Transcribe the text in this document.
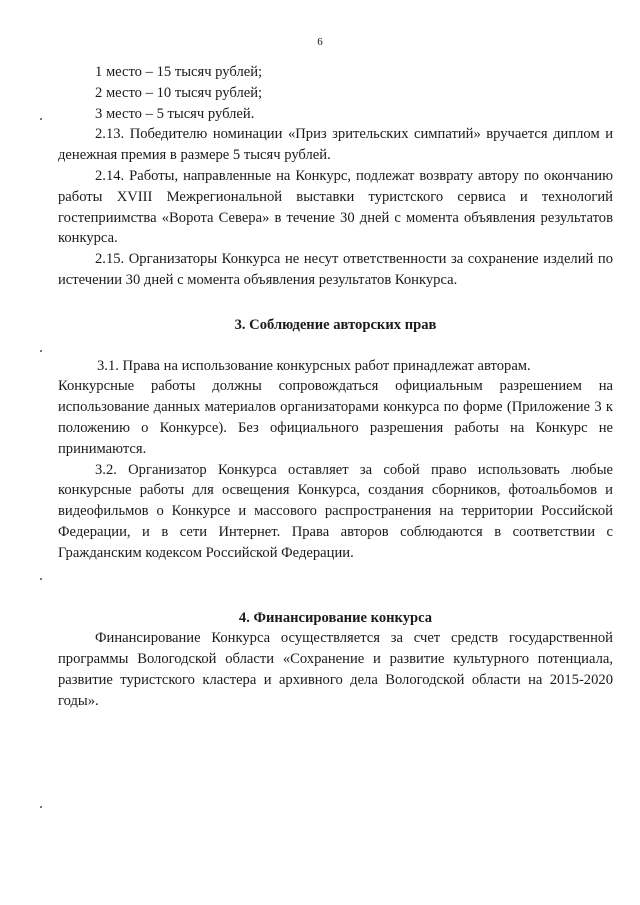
6

1 место – 15 тысяч рублей;

2 место – 10 тысяч рублей;

3 место – 5 тысяч рублей.

2.13. Победителю номинации «Приз зрительских симпатий» вручается диплом и денежная премия в размере 5 тысяч рублей.

2.14. Работы, направленные на Конкурс, подлежат возврату автору по окончанию работы XVIII Межрегиональной выставки туристского сервиса и технологий гостеприимства «Ворота Севера» в течение 30 дней с момента объявления результатов конкурса.

2.15. Организаторы Конкурса не несут ответственности за сохранение изделий по истечении 30 дней с момента объявления результатов Конкурса.

3. Соблюдение авторских прав

3.1. Права на использование конкурсных работ принадлежат авторам.

Конкурсные работы должны сопровождаться официальным разрешением на использование данных материалов организаторами конкурса по форме (Приложение 3 к положению о Конкурсе). Без официального разрешения работы на Конкурс не принимаются.

3.2. Организатор Конкурса оставляет за собой право использовать любые конкурсные работы для освещения Конкурса, создания сборников, фотоальбомов и видеофильмов о Конкурсе и массового распространения на территории Российской Федерации, и в сети Интернет. Права авторов соблюдаются в соответствии с Гражданским кодексом Российской Федерации.

4. Финансирование конкурса

Финансирование Конкурса осуществляется за счет средств государственной программы Вологодской области «Сохранение и развитие культурного потенциала, развитие туристского кластера и архивного дела Вологодской области на 2015-2020 годы».
